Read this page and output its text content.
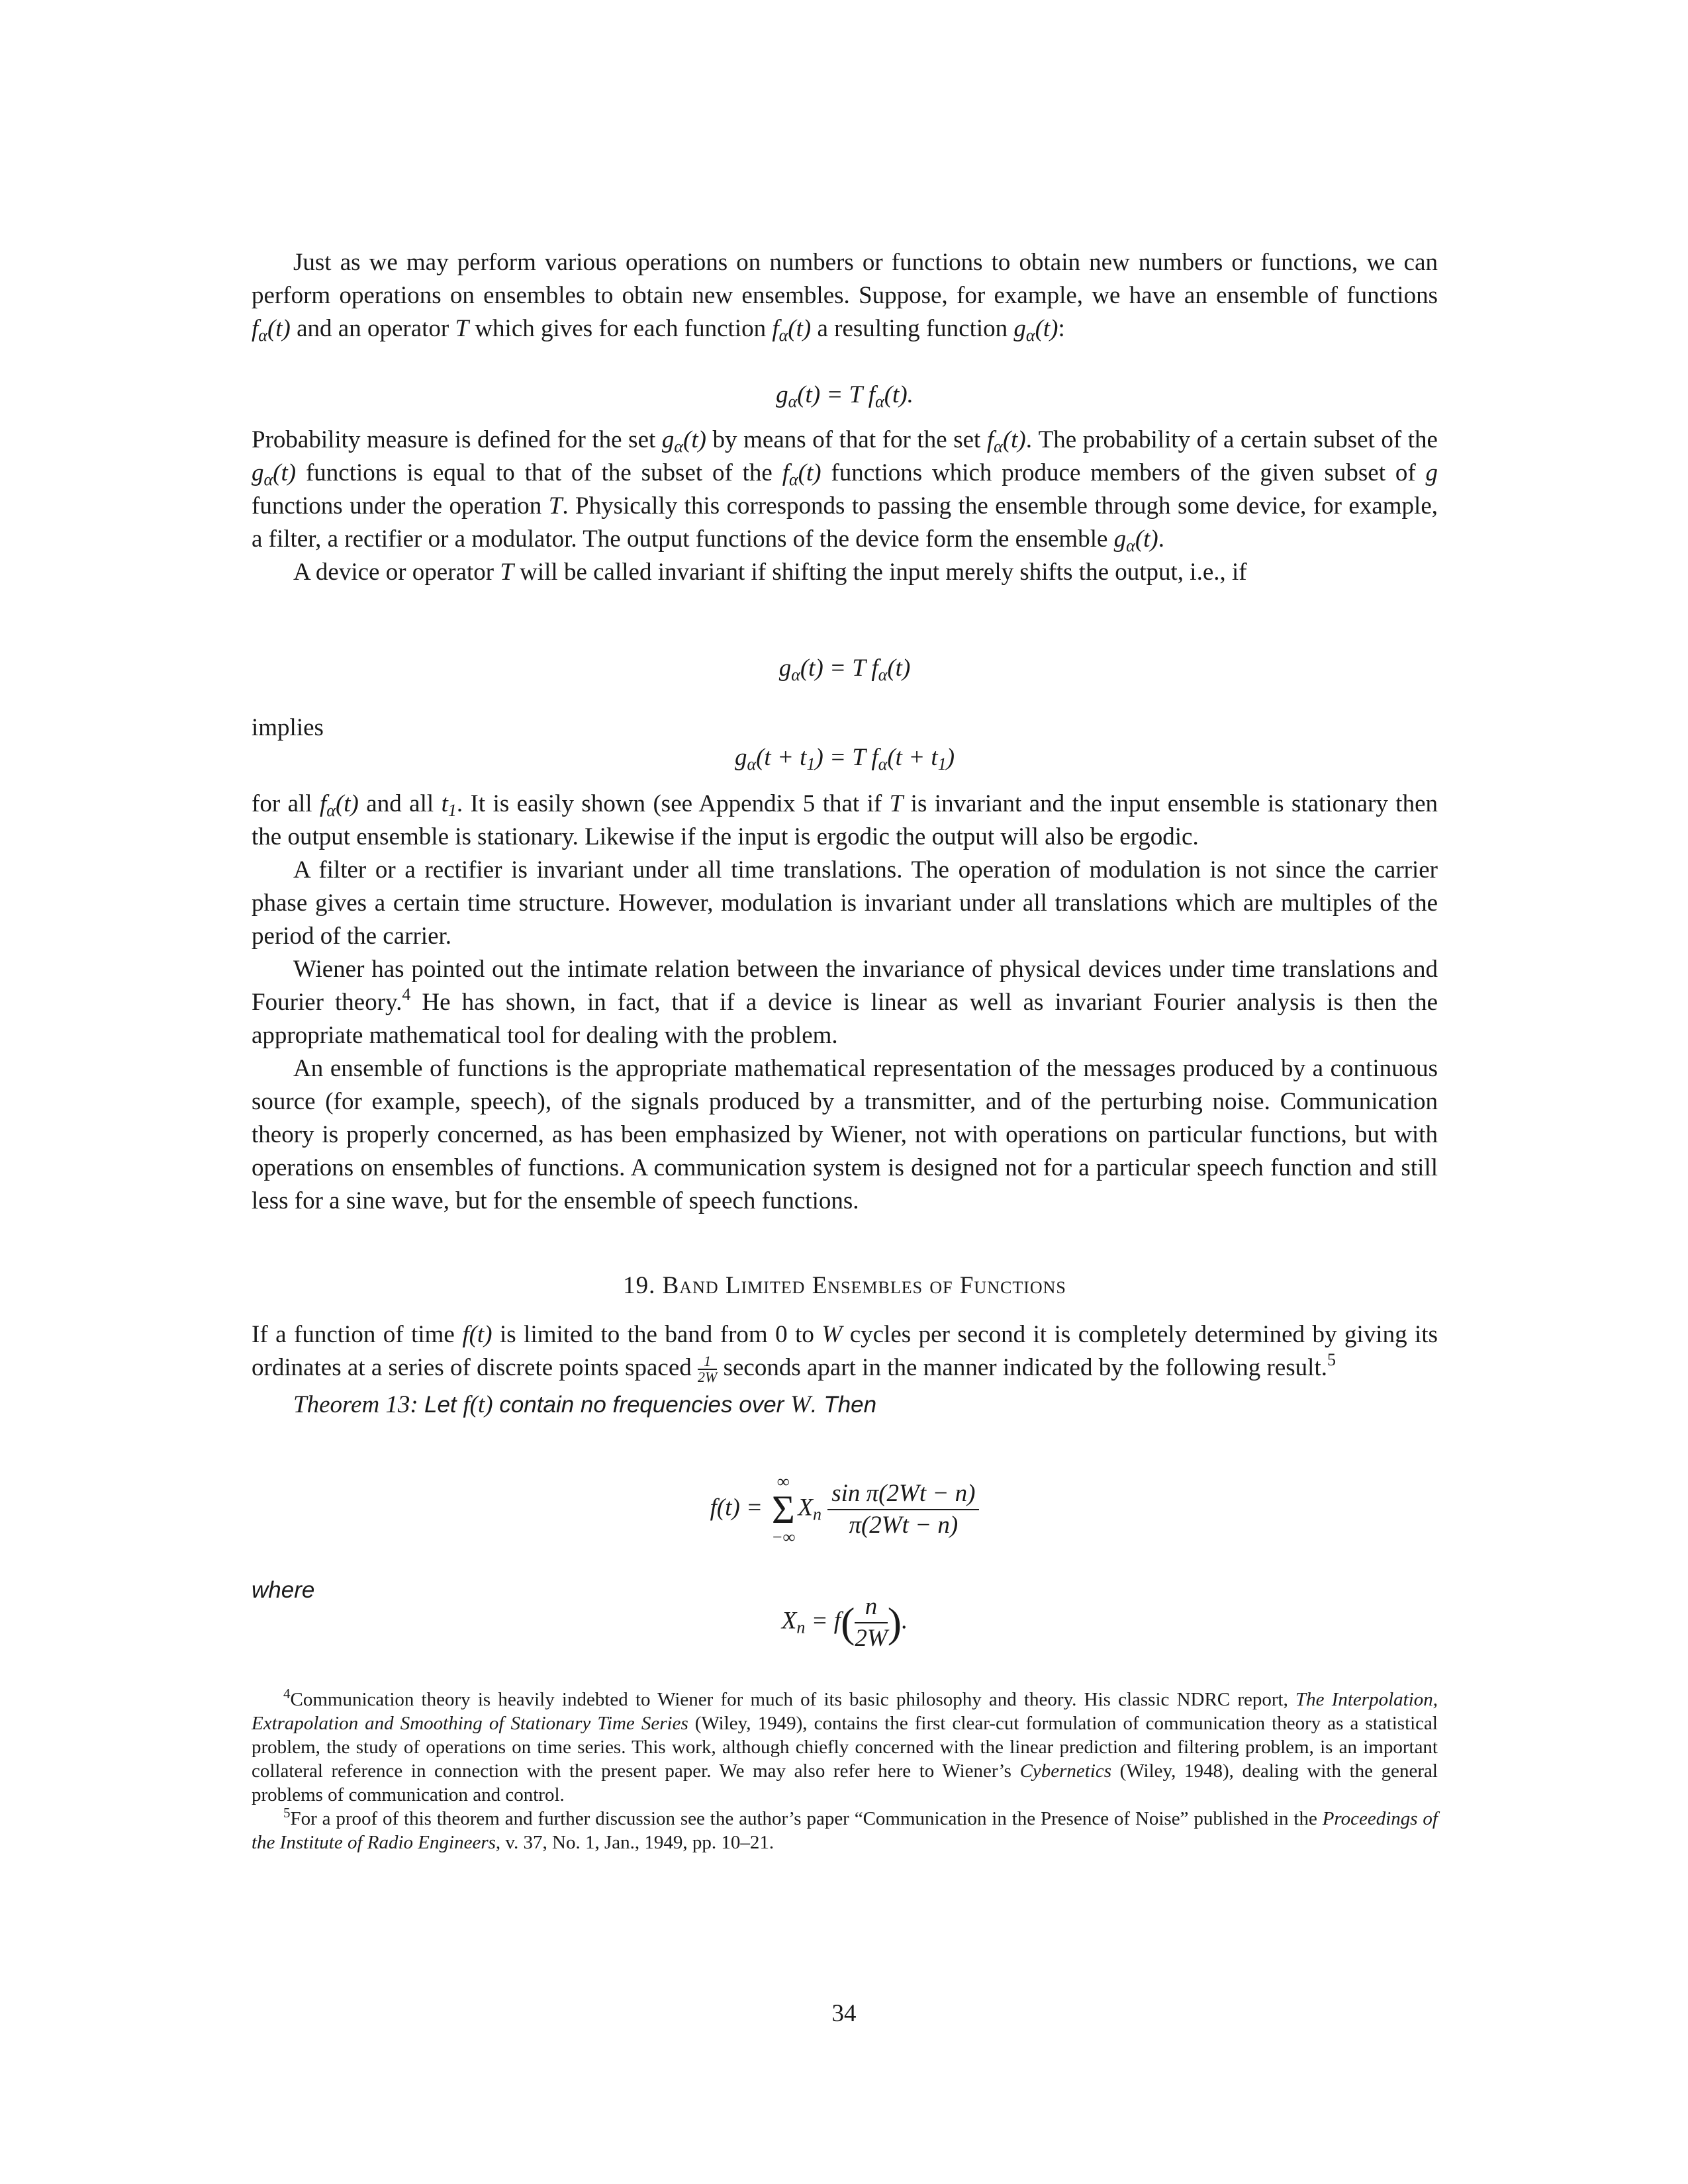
Just as we may perform various operations on numbers or functions to obtain new numbers or functions, we can perform operations on ensembles to obtain new ensembles. Suppose, for example, we have an ensemble of functions $f_\alpha(t)$ and an operator T which gives for each function $f_\alpha(t)$ a resulting function $g_\alpha(t)$:

$g_\alpha(t) = T$ $f_\alpha(t)$.

Probability measure is defined for the set $g_\alpha(t)$ by means of that for the set $f_\alpha(t)$. The probability of a certain subset of the $g_\alpha(t)$ functions is equal to that of the subset of the $f_\alpha(t)$ functions which produce members of the given subset of g functions under the operation T. Physically this corresponds to passing the ensemble through some device, for example, a filter, a rectifier or a modulator. The output functions of the device form the ensemble $g_\alpha(t)$.

A device or operator T will be called invariant if shifting the input merely shifts the output, i.e., if

$g_\alpha(t) = T$ $f_\alpha(t)$

implies

$g_\alpha(t + t_1) = T$ $f_\alpha(t + t_1)$

for all $f_\alpha(t)$ and all $t_1$. It is easily shown (see Appendix 5 that if T is invariant and the input ensemble is stationary then the output ensemble is stationary. Likewise if the input is ergodic the output will also be ergodic.

A filter or a rectifier is invariant under all time translations. The operation of modulation is not since the carrier phase gives a certain time structure. However, modulation is invariant under all translations which are multiples of the period of the carrier.

Wiener has pointed out the intimate relation between the invariance of physical devices under time translations and Fourier theory.$^4$ He has shown, in fact, that if a device is linear as well as invariant Fourier analysis is then the appropriate mathematical tool for dealing with the problem.

An ensemble of functions is the appropriate mathematical representation of the messages produced by a continuous source (for example, speech), of the signals produced by a transmitter, and of the perturbing noise. Communication theory is properly concerned, as has been emphasized by Wiener, not with operations on particular functions, but with operations on ensembles of functions. A communication system is designed not for a particular speech function and still less for a sine wave, but for the ensemble of speech functions.

19. Band Limited Ensembles of Functions

If a function of time f(t) is limited to the band from 0 to W cycles per second it is completely determined by giving its ordinates at a series of discrete points spaced $\frac{1}{2W}$ seconds apart in the manner indicated by the following result.$^5$

Theorem 13: Let f(t) contain no frequencies over W. Then

f(t) =
∞
Σ
−∞
$X_n \frac{\text{sin π(2Wt − n)}}{\pi(2Wt - n)}$

where

$X_n = f( \frac{n}{2W}$ ).

$^4$Communication theory is heavily indebted to Wiener for much of its basic philosophy and theory. His classic NDRC report, The Interpolation, Extrapolation and Smoothing of Stationary Time Series (Wiley, 1949), contains the first clear-cut formulation of communication theory as a statistical problem, the study of operations on time series. This work, although chiefly concerned with the linear prediction and filtering problem, is an important collateral reference in connection with the present paper. We may also refer here to Wiener’s Cybernetics (Wiley, 1948), dealing with the general problems of communication and control.

$^5$For a proof of this theorem and further discussion see the author’s paper “Communication in the Presence of Noise” published in the Proceedings of the Institute of Radio Engineers, v. 37, No. 1, Jan., 1949, pp. 10–21.

34
